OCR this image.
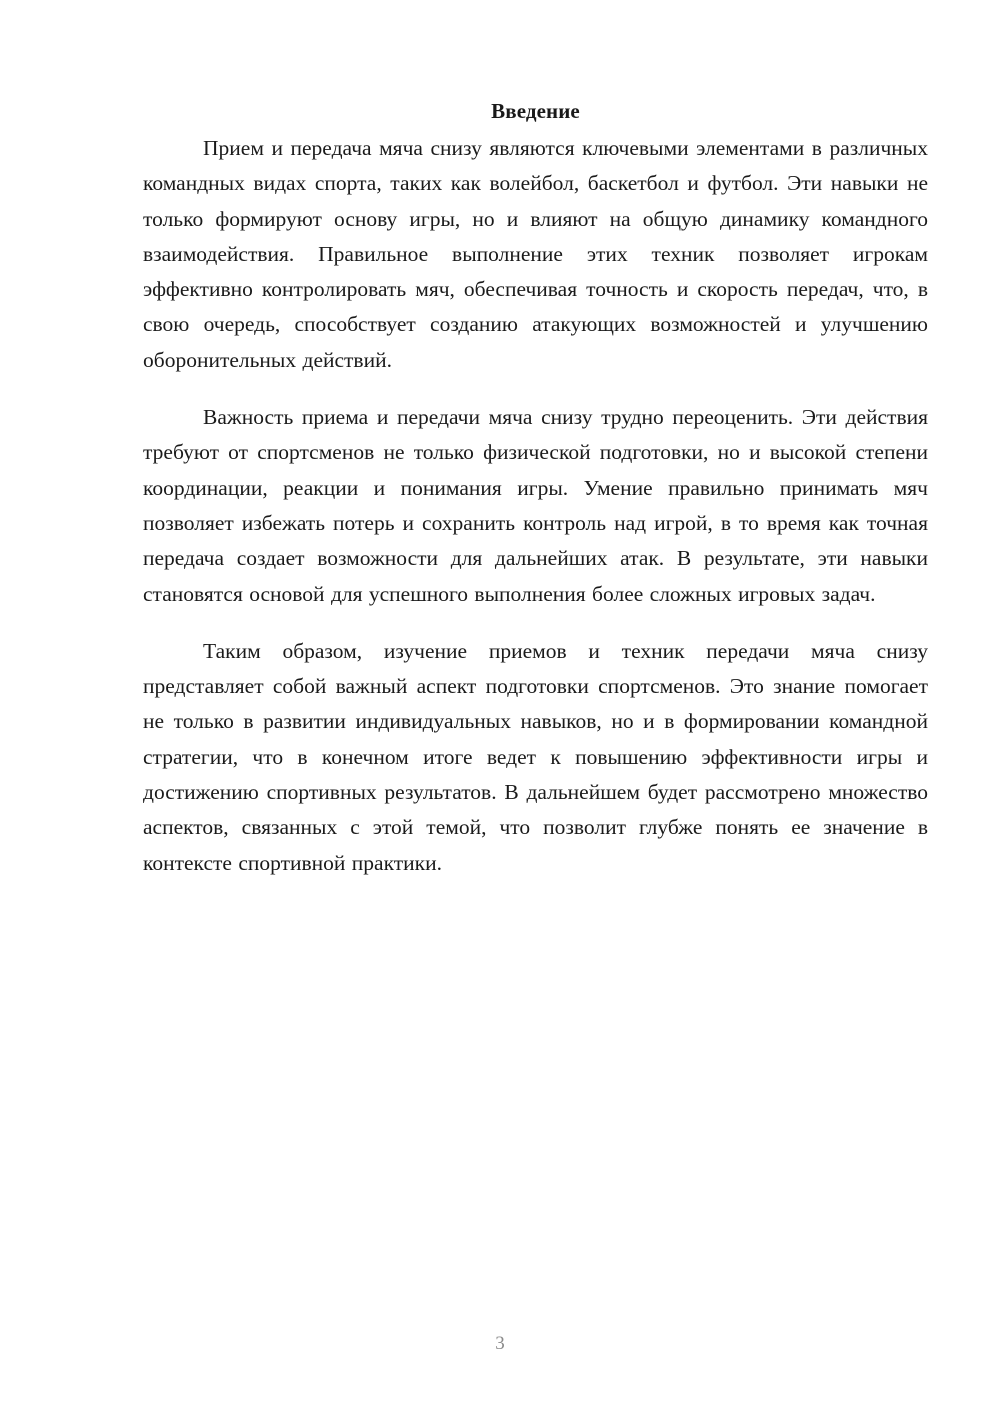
Введение

Прием и передача мяча снизу являются ключевыми элементами в различных командных видах спорта, таких как волейбол, баскетбол и футбол. Эти навыки не только формируют основу игры, но и влияют на общую динамику командного взаимодействия. Правильное выполнение этих техник позволяет игрокам эффективно контролировать мяч, обеспечивая точность и скорость передач, что, в свою очередь, способствует созданию атакующих возможностей и улучшению оборонительных действий.

Важность приема и передачи мяча снизу трудно переоценить. Эти действия требуют от спортсменов не только физической подготовки, но и высокой степени координации, реакции и понимания игры. Умение правильно принимать мяч позволяет избежать потерь и сохранить контроль над игрой, в то время как точная передача создает возможности для дальнейших атак. В результате, эти навыки становятся основой для успешного выполнения более сложных игровых задач.

Таким образом, изучение приемов и техник передачи мяча снизу представляет собой важный аспект подготовки спортсменов. Это знание помогает не только в развитии индивидуальных навыков, но и в формировании командной стратегии, что в конечном итоге ведет к повышению эффективности игры и достижению спортивных результатов. В дальнейшем будет рассмотрено множество аспектов, связанных с этой темой, что позволит глубже понять ее значение в контексте спортивной практики.

3
